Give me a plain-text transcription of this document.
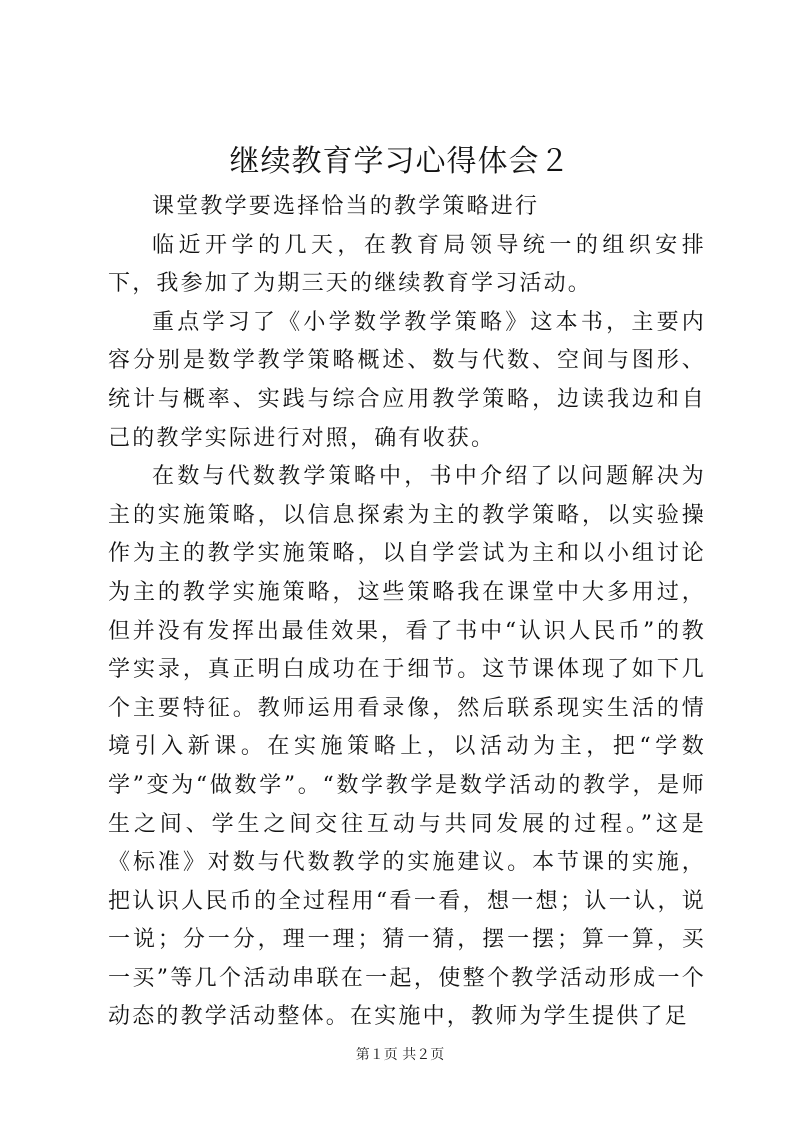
继续教育学习心得体会２

课堂教学要选择恰当的教学策略进行

临近开学的几天，在教育局领导统一的组织安排下，我参加了为期三天的继续教育学习活动。

重点学习了《小学数学教学策略》这本书，主要内容分别是数学教学策略概述、数与代数、空间与图形、统计与概率、实践与综合应用教学策略，边读我边和自己的教学实际进行对照，确有收获。

在数与代数教学策略中，书中介绍了以问题解决为主的实施策略，以信息探索为主的教学策略，以实验操作为主的教学实施策略，以自学尝试为主和以小组讨论为主的教学实施策略，这些策略我在课堂中大多用过，但并没有发挥出最佳效果，看了书中“认识人民币”的教学实录，真正明白成功在于细节。这节课体现了如下几个主要特征。教师运用看录像，然后联系现实生活的情境引入新课。在实施策略上，以活动为主，把“学数学”变为“做数学”。“数学教学是数学活动的教学，是师生之间、学生之间交往互动与共同发展的过程。”这是《标准》对数与代数教学的实施建议。本节课的实施，把认识人民币的全过程用“看一看，想一想；认一认，说一说；分一分，理一理；猜一猜，摆一摆；算一算，买一买”等几个活动串联在一起，使整个教学活动形成一个动态的教学活动整体。在实施中，教师为学生提供了足

第１页 共２页
